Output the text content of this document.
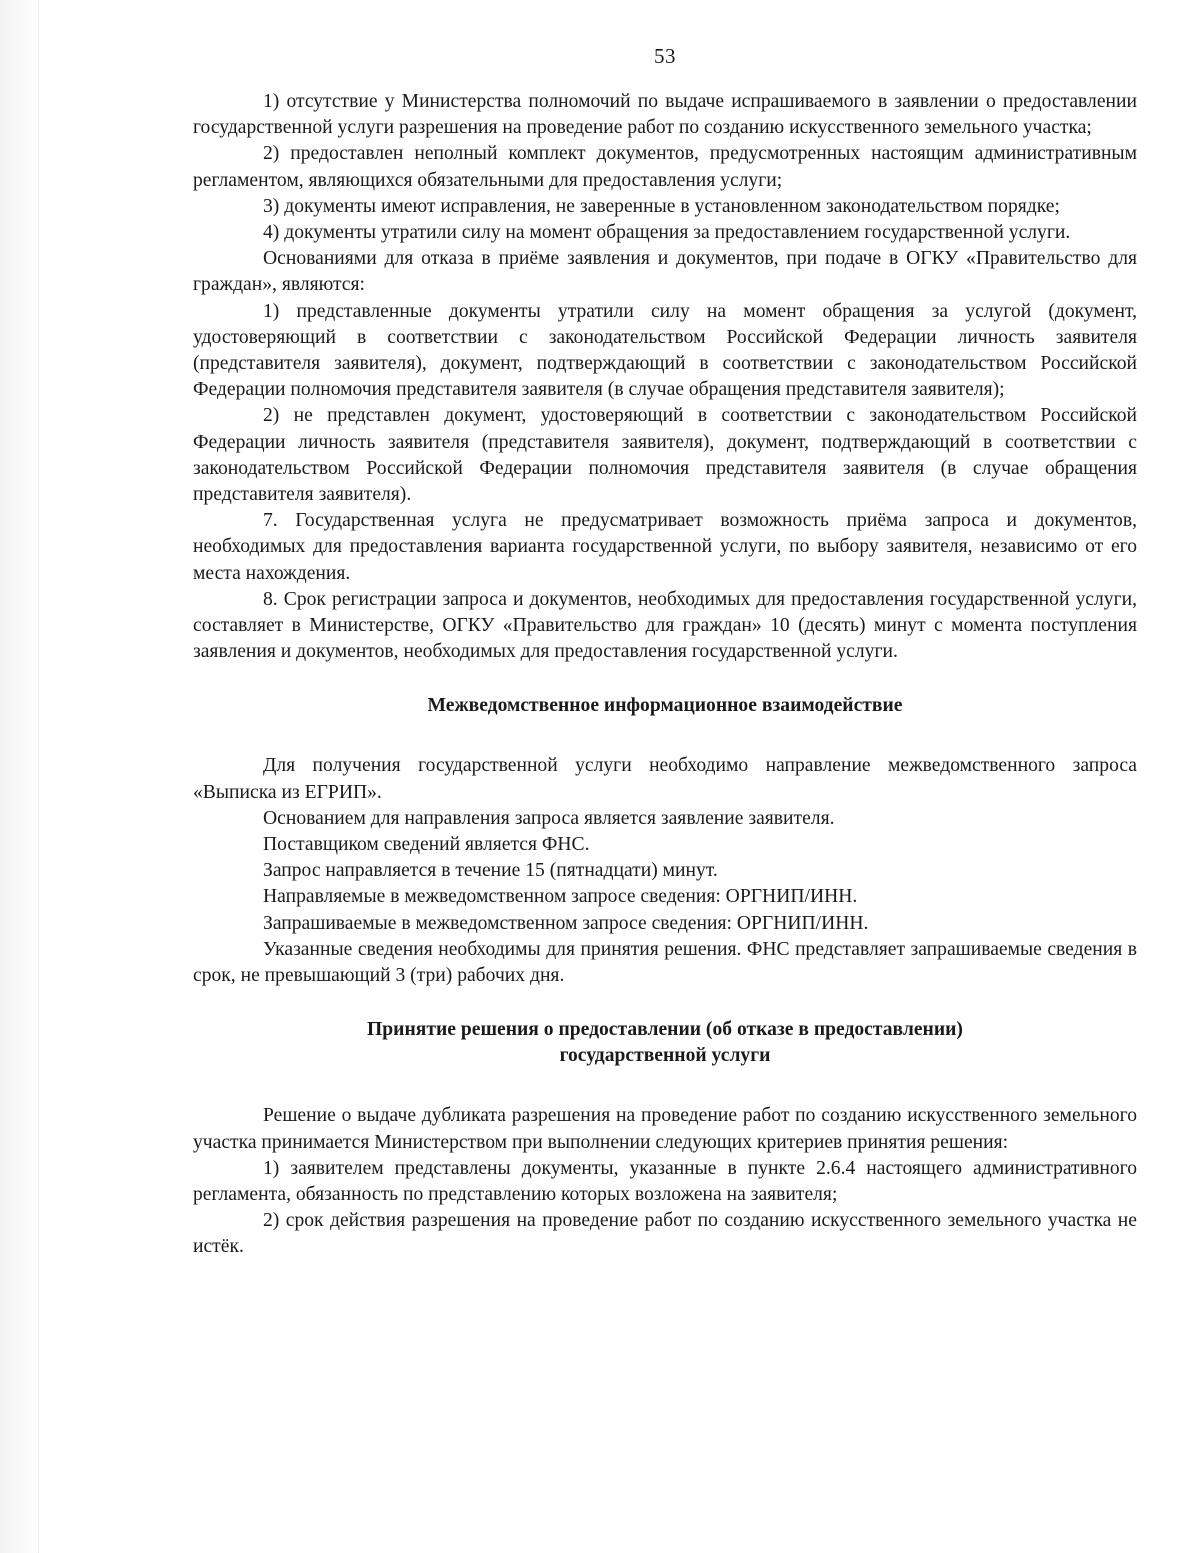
53

1) отсутствие у Министерства полномочий по выдаче испрашиваемого в заявлении о предоставлении государственной услуги разрешения на проведение работ по созданию искусственного земельного участка;

2) предоставлен неполный комплект документов, предусмотренных настоящим административным регламентом, являющихся обязательными для предоставления услуги;

3) документы имеют исправления, не заверенные в установленном законодательством порядке;

4) документы утратили силу на момент обращения за предоставлением государственной услуги.

Основаниями для отказа в приёме заявления и документов, при подаче в ОГКУ «Правительство для граждан», являются:

1) представленные документы утратили силу на момент обращения за услугой (документ, удостоверяющий в соответствии с законодательством Российской Федерации личность заявителя (представителя заявителя), документ, подтверждающий в соответствии с законодательством Российской Федерации полномочия представителя заявителя (в случае обращения представителя заявителя);

2) не представлен документ, удостоверяющий в соответствии с законодательством Российской Федерации личность заявителя (представителя заявителя), документ, подтверждающий в соответствии с законодательством Российской Федерации полномочия представителя заявителя (в случае обращения представителя заявителя).

7. Государственная услуга не предусматривает возможность приёма запроса и документов, необходимых для предоставления варианта государственной услуги, по выбору заявителя, независимо от его места нахождения.

8. Срок регистрации запроса и документов, необходимых для предоставления государственной услуги, составляет в Министерстве, ОГКУ «Правительство для граждан» 10 (десять) минут с момента поступления заявления и документов, необходимых для предоставления государственной услуги.

Межведомственное информационное взаимодействие

Для получения государственной услуги необходимо направление межведомственного запроса «Выписка из ЕГРИП».

Основанием для направления запроса является заявление заявителя.

Поставщиком сведений является ФНС.

Запрос направляется в течение 15 (пятнадцати) минут.

Направляемые в межведомственном запросе сведения: ОРГНИП/ИНН.

Запрашиваемые в межведомственном запросе сведения: ОРГНИП/ИНН.

Указанные сведения необходимы для принятия решения. ФНС представляет запрашиваемые сведения в срок, не превышающий 3 (три) рабочих дня.

Принятие решения о предоставлении (об отказе в предоставлении)
государственной услуги

Решение о выдаче дубликата разрешения на проведение работ по созданию искусственного земельного участка принимается Министерством при выполнении следующих критериев принятия решения:

1) заявителем представлены документы, указанные в пункте 2.6.4 настоящего административного регламента, обязанность по представлению которых возложена на заявителя;

2) срок действия разрешения на проведение работ по созданию искусственного земельного участка не истёк.
